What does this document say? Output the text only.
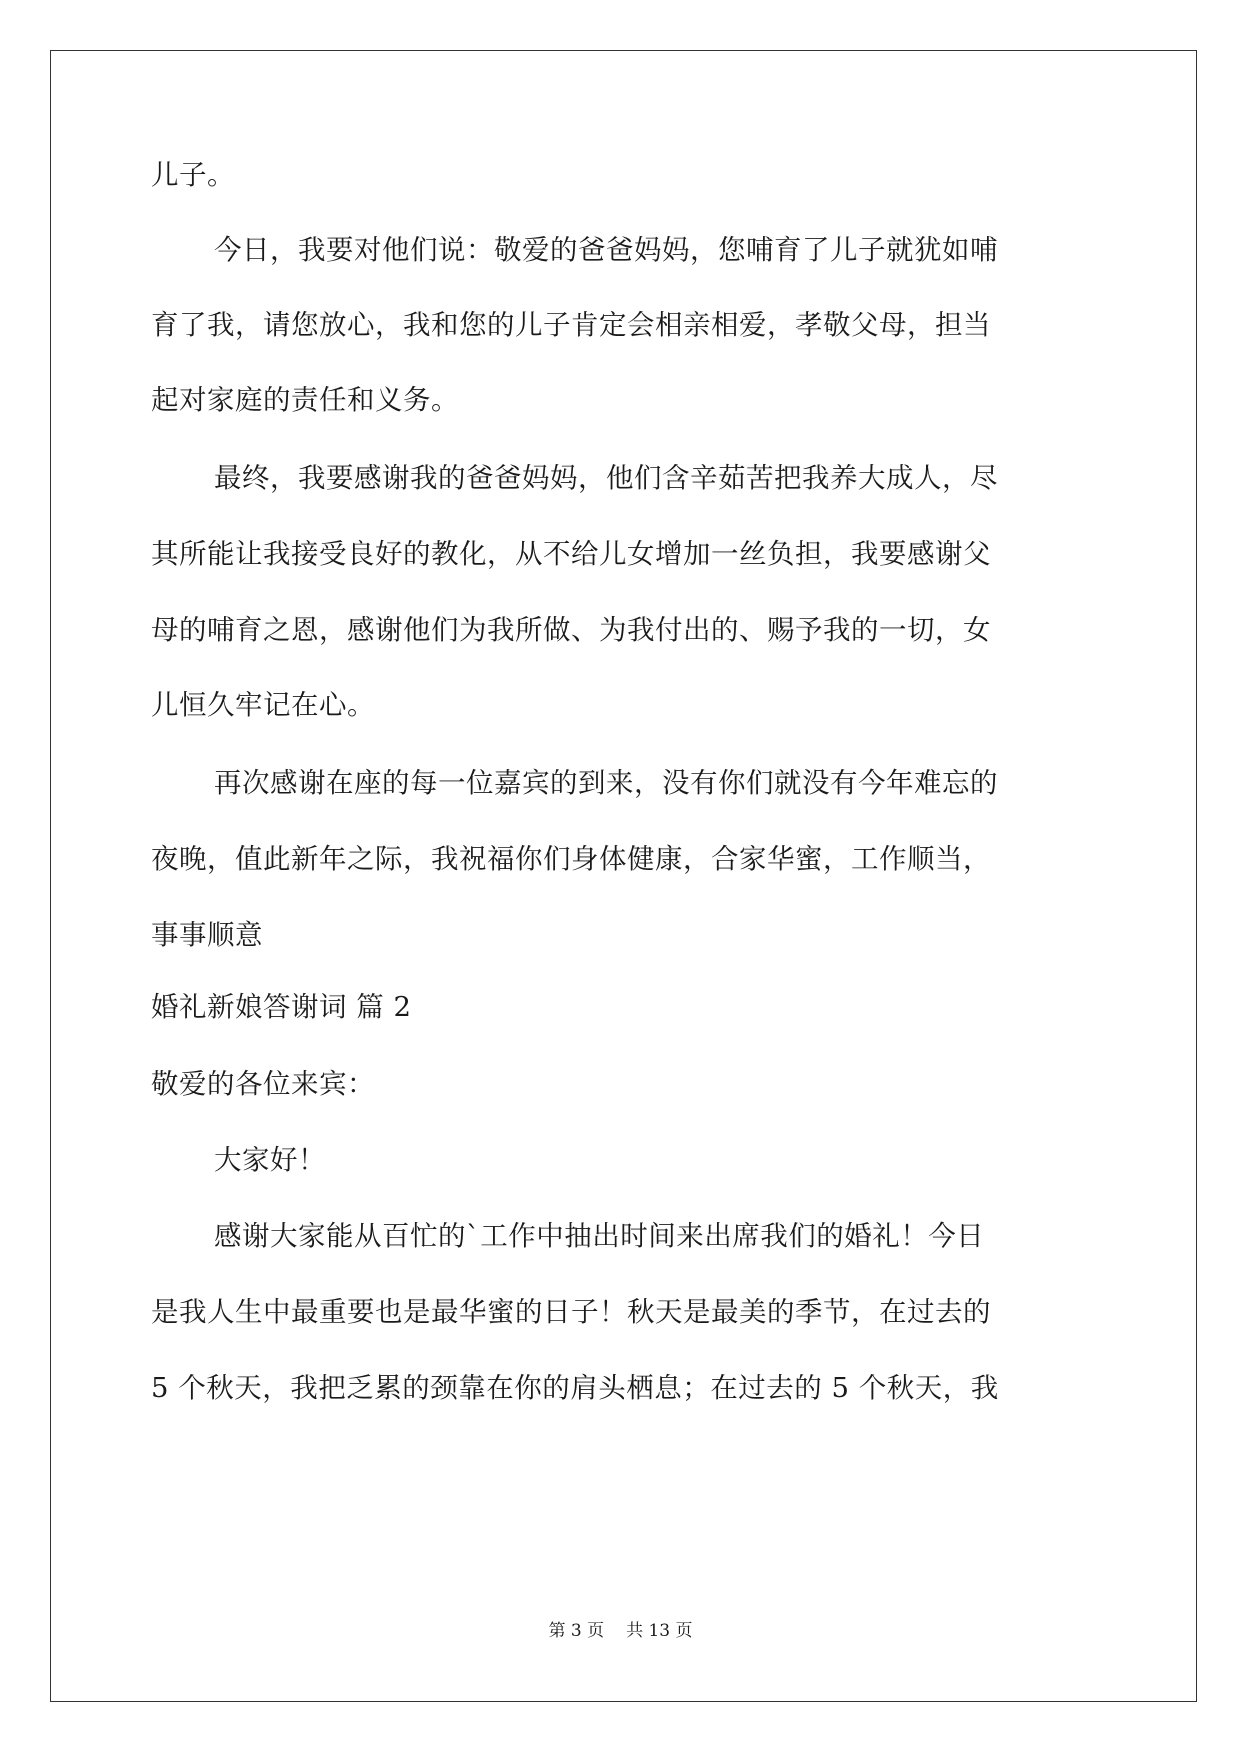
儿子。
今日，我要对他们说：敬爱的爸爸妈妈，您哺育了儿子就犹如哺
育了我，请您放心，我和您的儿子肯定会相亲相爱，孝敬父母，担当
起对家庭的责任和义务。
最终，我要感谢我的爸爸妈妈，他们含辛茹苦把我养大成人，尽
其所能让我接受良好的教化，从不给儿女增加一丝负担，我要感谢父
母的哺育之恩，感谢他们为我所做、为我付出的、赐予我的一切，女
儿恒久牢记在心。
再次感谢在座的每一位嘉宾的到来，没有你们就没有今年难忘的
夜晚，值此新年之际，我祝福你们身体健康，合家华蜜，工作顺当，
事事顺意
婚礼新娘答谢词 篇 2
敬爱的各位来宾：
大家好！
感谢大家能从百忙的`工作中抽出时间来出席我们的婚礼！今日
是我人生中最重要也是最华蜜的日子！秋天是最美的季节，在过去的
5 个秋天，我把乏累的颈靠在你的肩头栖息；在过去的 5 个秋天，我
第 3 页 共 13 页
